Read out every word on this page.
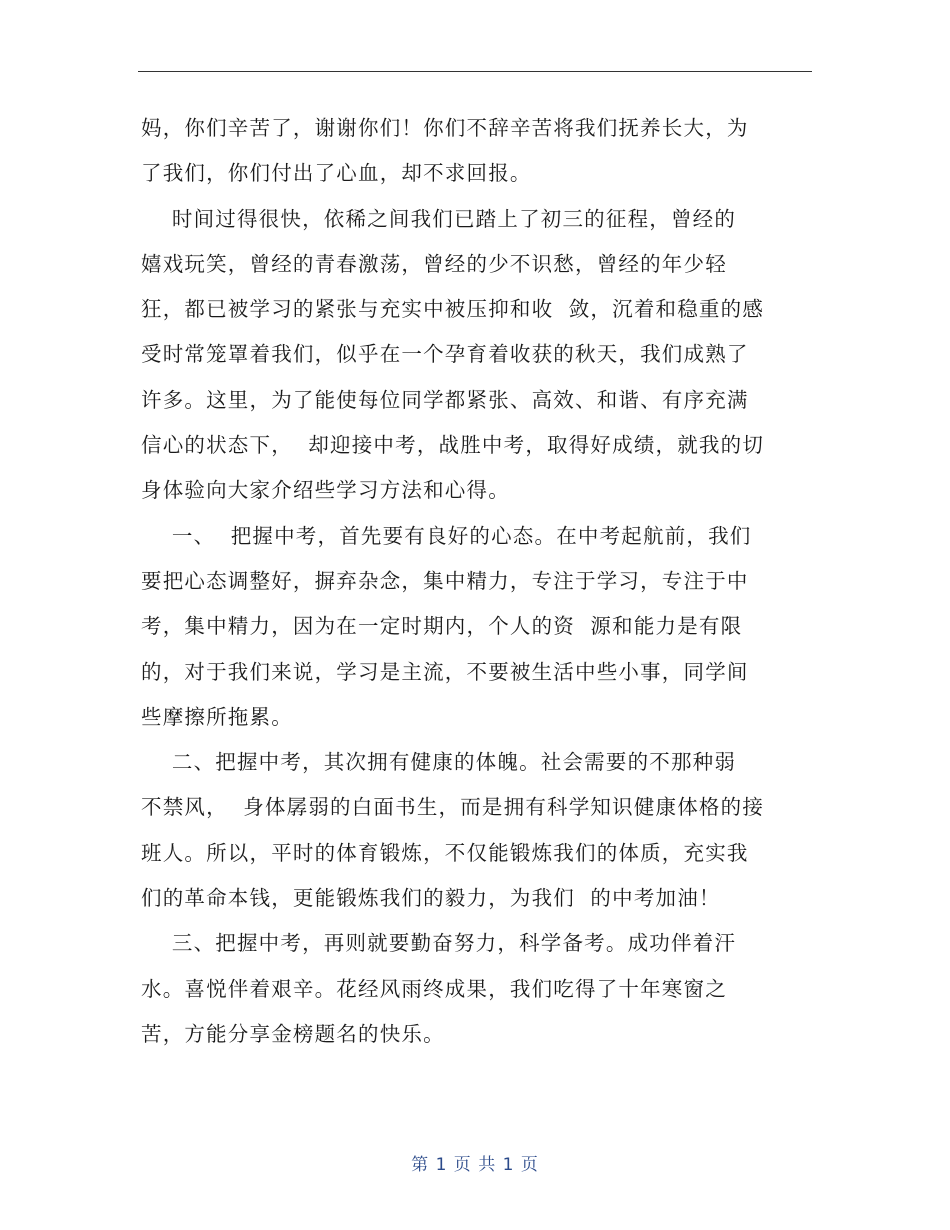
妈，你们辛苦了，谢谢你们！你们不辞辛苦将我们抚养长大，为
了我们，你们付出了心血，却不求回报。
时间过得很快，依稀之间我们已踏上了初三的征程，曾经的
嬉戏玩笑，曾经的青春激荡，曾经的少不识愁，曾经的年少轻
狂，都已被学习的紧张与充实中被压抑和收  敛，沉着和稳重的感
受时常笼罩着我们，似乎在一个孕育着收获的秋天，我们成熟了
许多。这里，为了能使每位同学都紧张、高效、和谐、有序充满
信心的状态下，  却迎接中考，战胜中考，取得好成绩，就我的切
身体验向大家介绍些学习方法和心得。
一、  把握中考，首先要有良好的心态。在中考起航前，我们
要把心态调整好，摒弃杂念，集中精力，专注于学习，专注于中
考，集中精力，因为在一定时期内，个人的资  源和能力是有限
的，对于我们来说，学习是主流，不要被生活中些小事，同学间
些摩擦所拖累。
二、把握中考，其次拥有健康的体魄。社会需要的不那种弱
不禁风，  身体孱弱的白面书生，而是拥有科学知识健康体格的接
班人。所以，平时的体育锻炼，不仅能锻炼我们的体质，充实我
们的革命本钱，更能锻炼我们的毅力，为我们  的中考加油！
三、把握中考，再则就要勤奋努力，科学备考。成功伴着汗
水。喜悦伴着艰辛。花经风雨终成果，我们吃得了十年寒窗之
苦，方能分享金榜题名的快乐。
第 1 页 共 1 页
